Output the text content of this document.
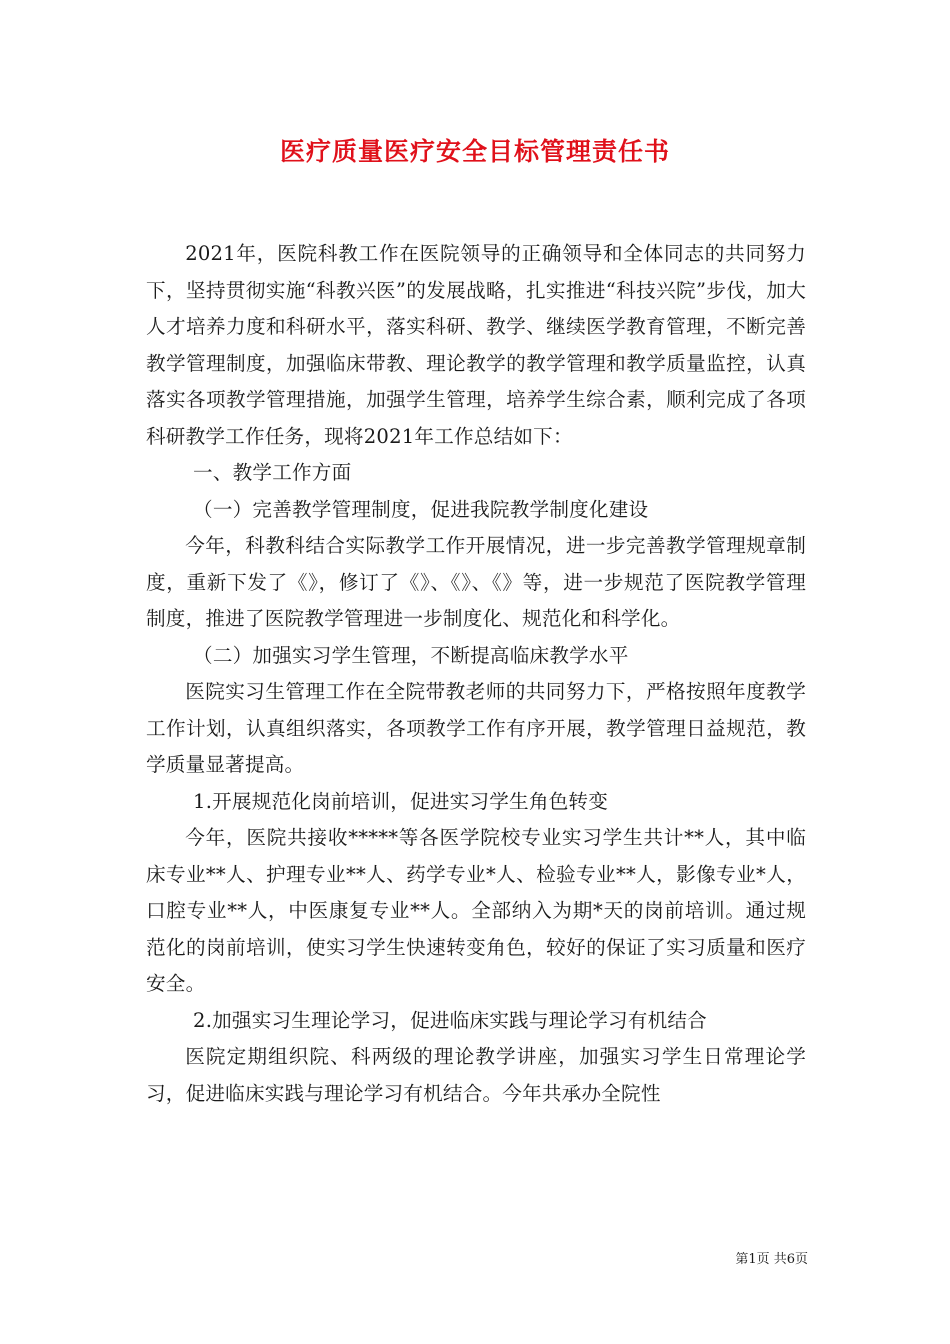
医疗质量医疗安全目标管理责任书

2021年，医院科教工作在医院领导的正确领导和全体同志的共同努力下，坚持贯彻实施“科教兴医”的发展战略，扎实推进“科技兴院”步伐，加大人才培养力度和科研水平，落实科研、教学、继续医学教育管理，不断完善教学管理制度，加强临床带教、理论教学的教学管理和教学质量监控，认真落实各项教学管理措施，加强学生管理，培养学生综合素，顺利完成了各项科研教学工作任务，现将2021年工作总结如下：

一、教学工作方面

（一）完善教学管理制度，促进我院教学制度化建设

今年，科教科结合实际教学工作开展情况，进一步完善教学管理规章制度，重新下发了《》，修订了《》、《》、《》等，进一步规范了医院教学管理制度，推进了医院教学管理进一步制度化、规范化和科学化。

（二）加强实习学生管理，不断提高临床教学水平

医院实习生管理工作在全院带教老师的共同努力下，严格按照年度教学工作计划，认真组织落实，各项教学工作有序开展，教学管理日益规范，教学质量显著提高。

1.开展规范化岗前培训，促进实习学生角色转变

今年，医院共接收*****等各医学院校专业实习学生共计**人，其中临床专业**人、护理专业**人、药学专业*人、检验专业**人，影像专业*人，口腔专业**人，中医康复专业**人。全部纳入为期*天的岗前培训。通过规范化的岗前培训，使实习学生快速转变角色，较好的保证了实习质量和医疗安全。

2.加强实习生理论学习，促进临床实践与理论学习有机结合

医院定期组织院、科两级的理论教学讲座，加强实习学生日常理论学习，促进临床实践与理论学习有机结合。今年共承办全院性

第1页 共6页
